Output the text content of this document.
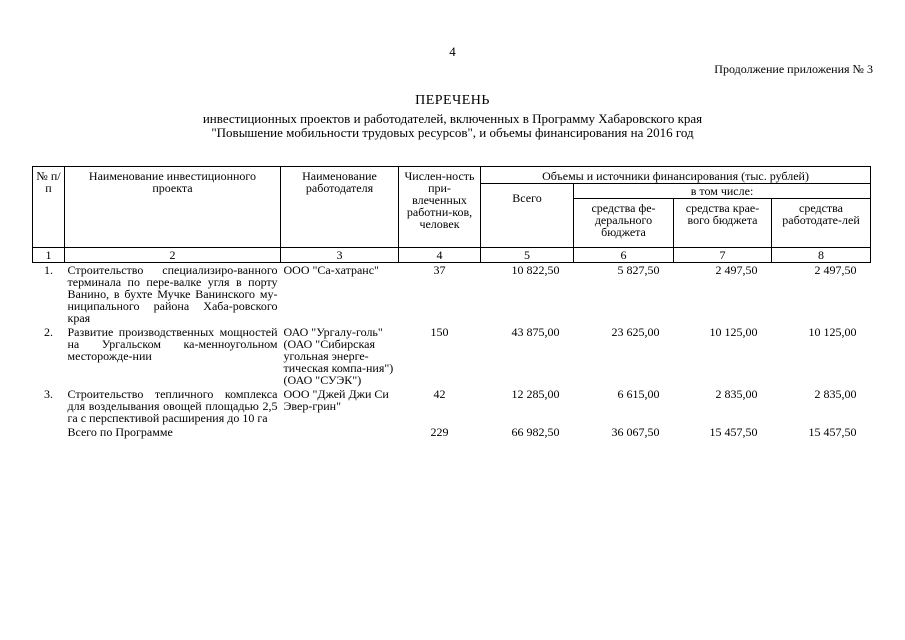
4
Продолжение приложения № 3
ПЕРЕЧЕНЬ
инвестиционных проектов и работодателей, включенных в Программу Хабаровского края
"Повышение мобильности трудовых ресурсов", и объемы финансирования на 2016 год
№ п/п	Наименование инвестиционного проекта	Наименование работодателя	Числен-ность при-влеченных работни-ков, человек	Объемы и источники финансирования (тыс. рублей)			
				Всего	в том числе:		
					средства фе-дерального бюджета	средства крае-вого бюджета	средства работодате-лей
1	2	3	4	5	6	7	8
1.	Строительство специализиро-ванного терминала по пере-валке угля в порту Ванино, в бухте Мучке Ванинского му-ниципального района Хаба-ровского края	ООО "Са-хатранс"	37	10 822,50	5 827,50	2 497,50	2 497,50
2.	Развитие производственных мощностей на Ургальском ка-менноугольном месторожде-нии	ОАО "Ургалу-голь" (ОАО "Сибирская угольная энерге-тическая компа-ния") (ОАО "СУЭК")	150	43 875,00	23 625,00	10 125,00	10 125,00
3.	Строительство тепличного комплекса для возделывания овощей площадью 2,5 га с перспективой расширения до 10 га	ООО "Джей Джи Си Эвер-грин"	42	12 285,00	6 615,00	2 835,00	2 835,00
	Всего по Программе		229	66 982,50	36 067,50	15 457,50	15 457,50
